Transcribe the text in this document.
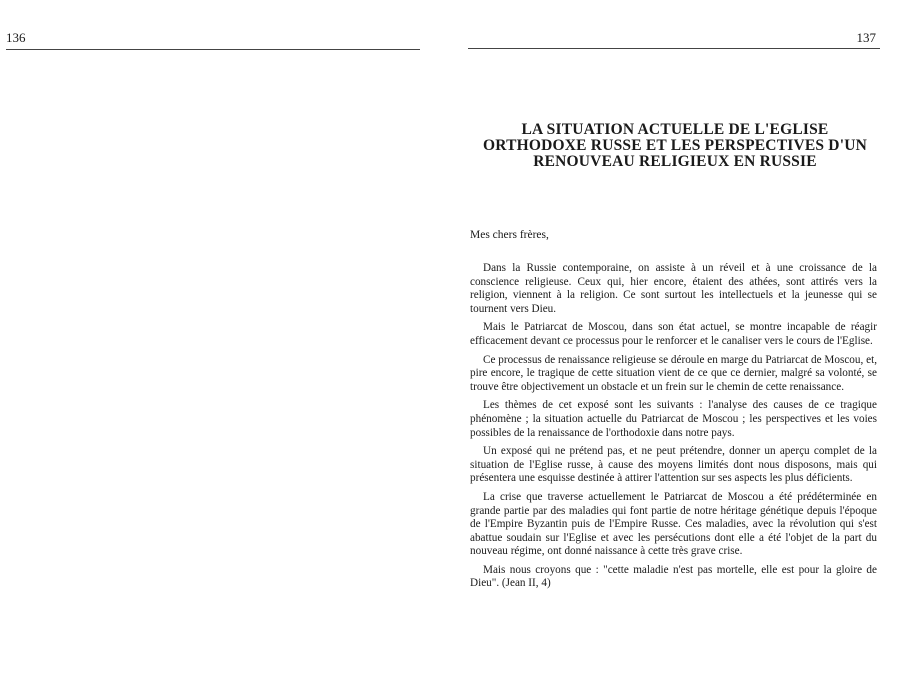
136	137
LA SITUATION ACTUELLE DE L'EGLISE
ORTHODOXE RUSSE ET LES PERSPECTIVES D'UN
RENOUVEAU RELIGIEUX EN RUSSIE

Mes chers frères,

Dans la Russie contemporaine, on assiste à un réveil et à une croissance de la conscience religieuse. Ceux qui, hier encore, étaient des athées, sont attirés vers la religion, viennent à la religion. Ce sont surtout les intellectuels et la jeunesse qui se tournent vers Dieu.

Mais le Patriarcat de Moscou, dans son état actuel, se montre incapable de réagir efficacement devant ce processus pour le renforcer et le canaliser vers le cours de l'Eglise.

Ce processus de renaissance religieuse se déroule en marge du Patriarcat de Moscou, et, pire encore, le tragique de cette situation vient de ce que ce dernier, malgré sa volonté, se trouve être objectivement un obstacle et un frein sur le chemin de cette renaissance.

Les thèmes de cet exposé sont les suivants : l'analyse des causes de ce tragique phénomène ; la situation actuelle du Patriarcat de Moscou ; les perspectives et les voies possibles de la renaissance de l'orthodoxie dans notre pays.

Un exposé qui ne prétend pas, et ne peut prétendre, donner un aperçu complet de la situation de l'Eglise russe, à cause des moyens limités dont nous disposons, mais qui présentera une esquisse destinée à attirer l'attention sur ses aspects les plus déficients.

La crise que traverse actuellement le Patriarcat de Moscou a été prédéterminée en grande partie par des maladies qui font partie de notre héritage génétique depuis l'époque de l'Empire Byzantin puis de l'Empire Russe. Ces maladies, avec la révolution qui s'est abattue soudain sur l'Eglise et avec les persécutions dont elle a été l'objet de la part du nouveau régime, ont donné naissance à cette très grave crise.

Mais nous croyons que : "cette maladie n'est pas mortelle, elle est pour la gloire de Dieu". (Jean II, 4)
